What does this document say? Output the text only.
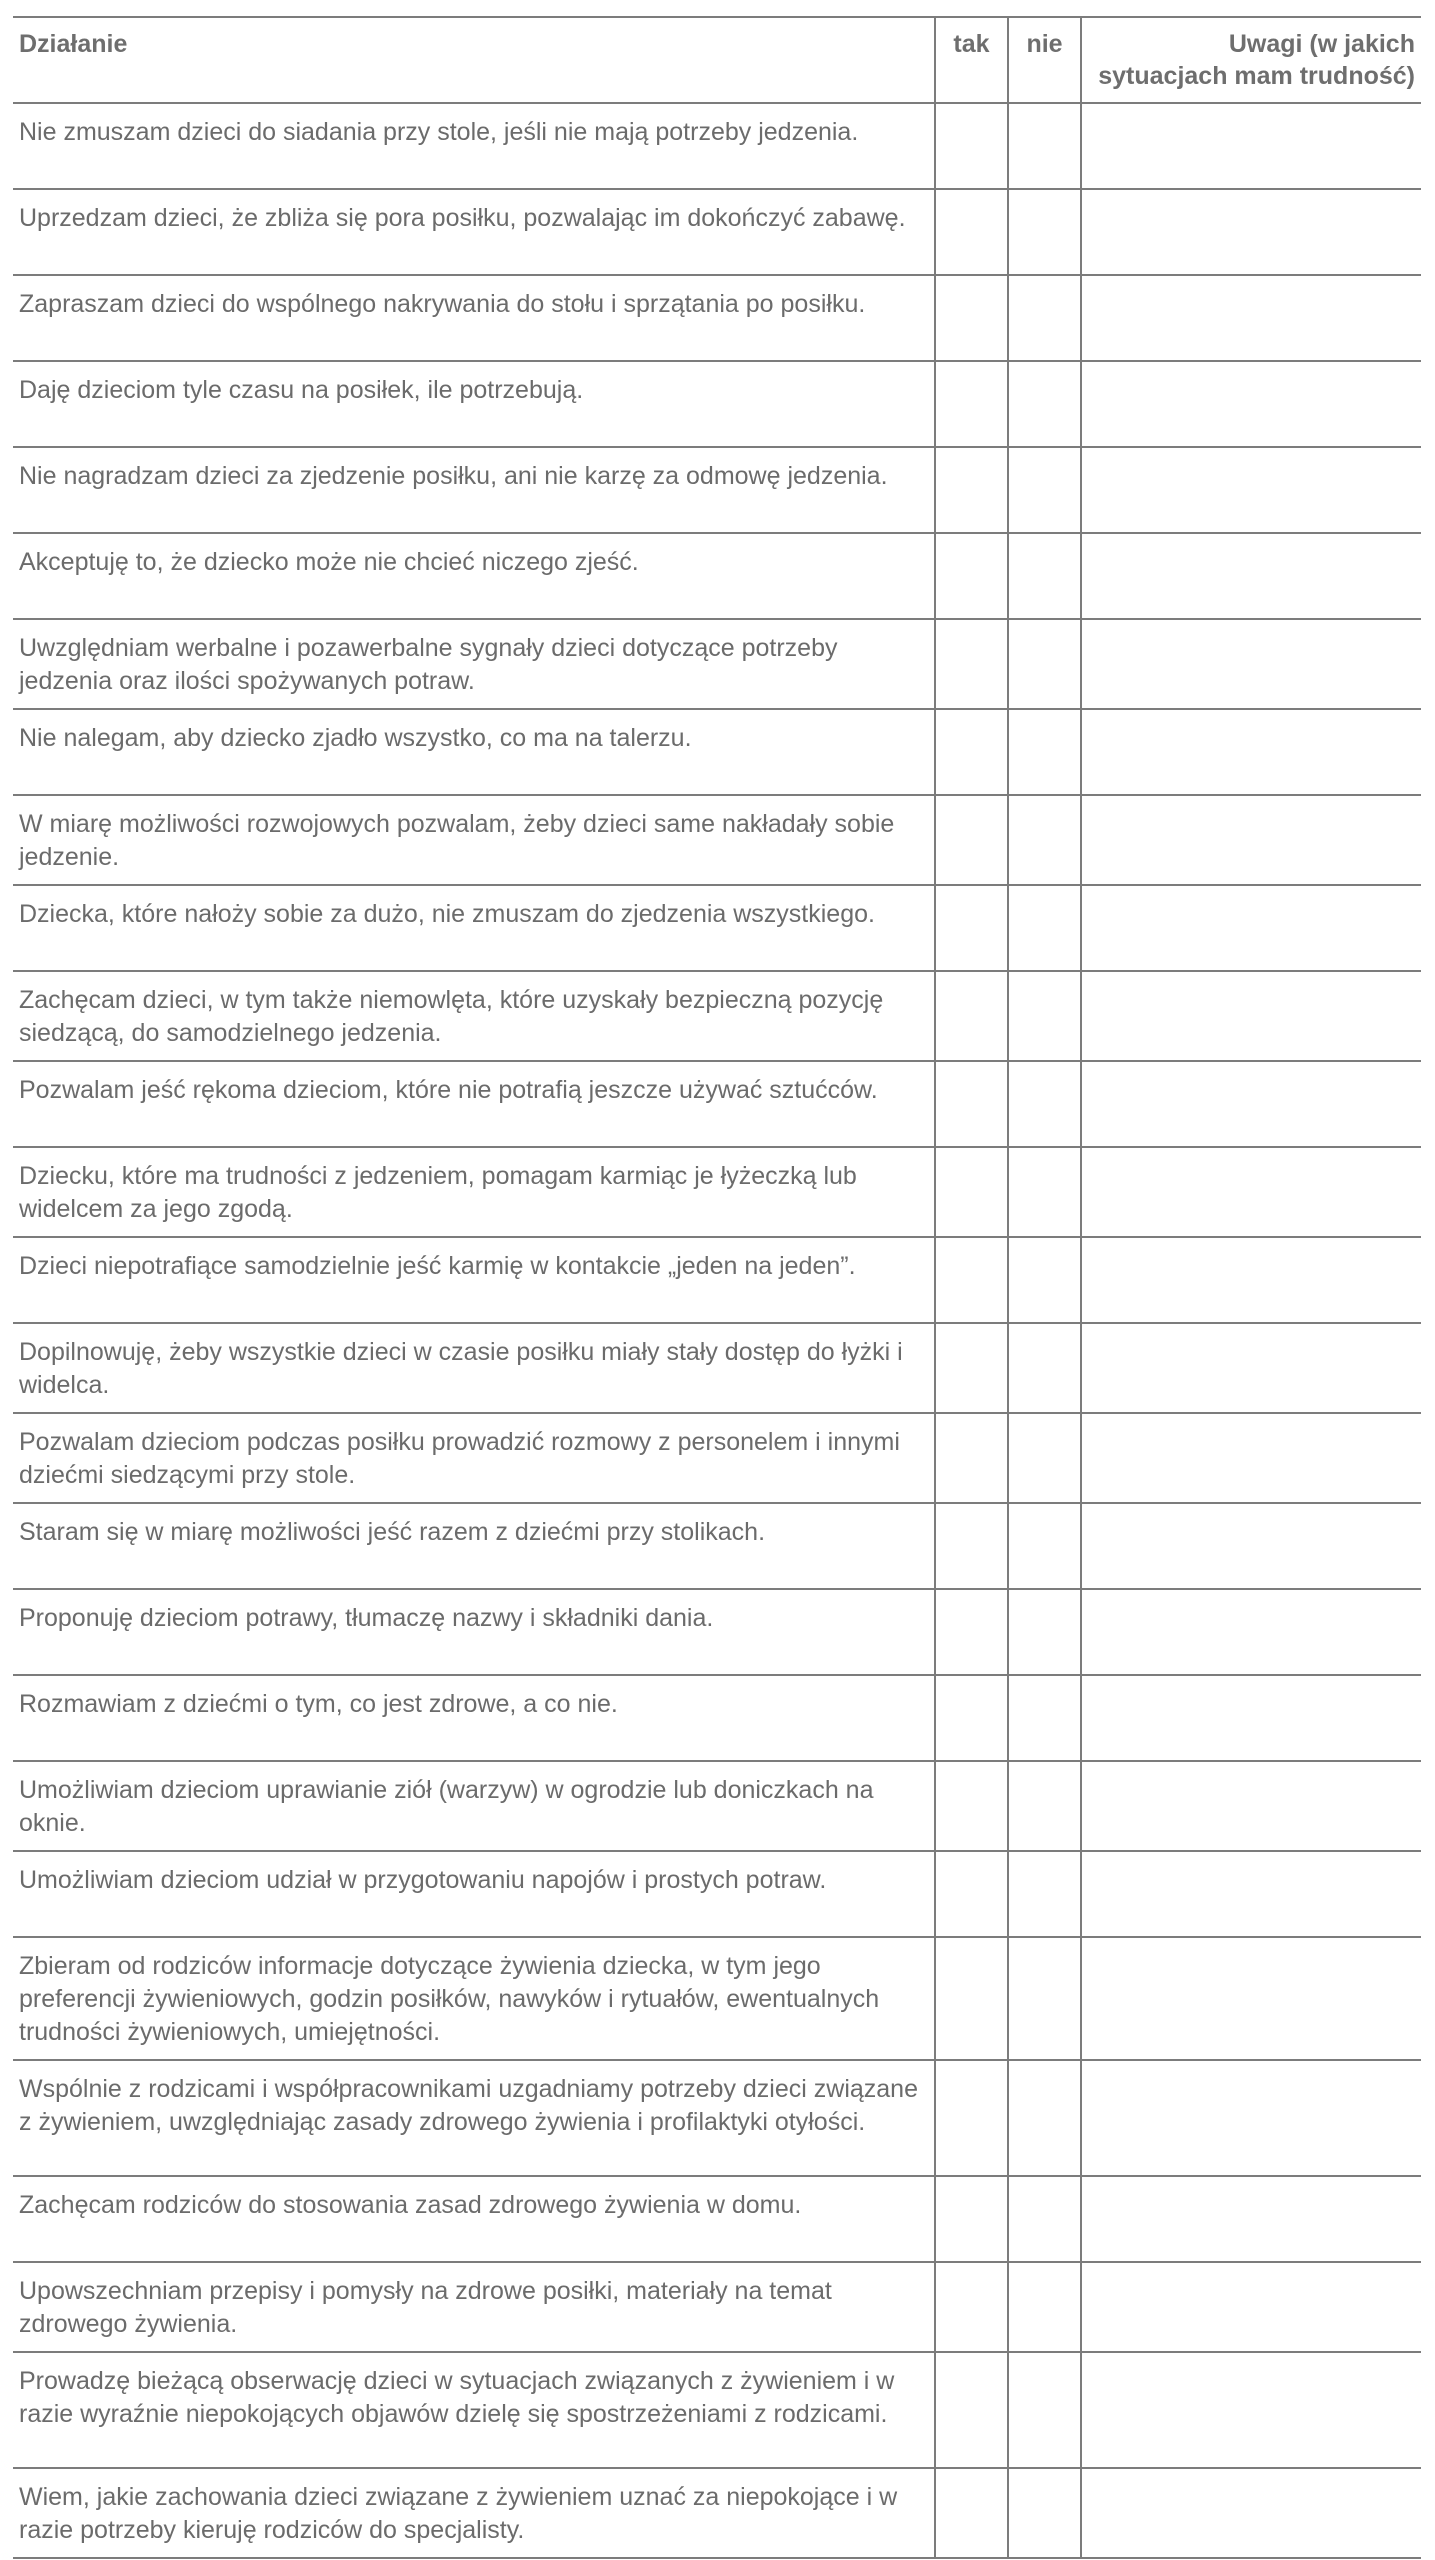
Działanie	tak	nie	Uwagi (w jakich
sytuacjach mam trudność)
Nie zmuszam dzieci do siadania przy stole, jeśli nie mają potrzeby jedzenia.			
Uprzedzam dzieci, że zbliża się pora posiłku, pozwalając im dokończyć zabawę.			
Zapraszam dzieci do wspólnego nakrywania do stołu i sprzątania po posiłku.			
Daję dzieciom tyle czasu na posiłek, ile potrzebują.			
Nie nagradzam dzieci za zjedzenie posiłku, ani nie karzę za odmowę jedzenia.			
Akceptuję to, że dziecko może nie chcieć niczego zjeść.			
Uwzględniam werbalne i pozawerbalne sygnały dzieci dotyczące potrzeby jedzenia oraz ilości spożywanych potraw.			
Nie nalegam, aby dziecko zjadło wszystko, co ma na talerzu.			
W miarę możliwości rozwojowych pozwalam, żeby dzieci same nakładały sobie jedzenie.			
Dziecka, które nałoży sobie za dużo, nie zmuszam do zjedzenia wszystkiego.			
Zachęcam dzieci, w tym także niemowlęta, które uzyskały bezpieczną pozycję siedzącą, do samodzielnego jedzenia.			
Pozwalam jeść rękoma dzieciom, które nie potrafią jeszcze używać sztućców.			
Dziecku, które ma trudności z jedzeniem, pomagam karmiąc je łyżeczką lub widelcem za jego zgodą.			
Dzieci niepotrafiące samodzielnie jeść karmię w kontakcie „jeden na jeden”.			
Dopilnowuję, żeby wszystkie dzieci w czasie posiłku miały stały dostęp do łyżki i widelca.			
Pozwalam dzieciom podczas posiłku prowadzić rozmowy z personelem i innymi dziećmi siedzącymi przy stole.			
Staram się w miarę możliwości jeść razem z dziećmi przy stolikach.			
Proponuję dzieciom potrawy, tłumaczę nazwy i składniki dania.			
Rozmawiam z dziećmi o tym, co jest zdrowe, a co nie.			
Umożliwiam dzieciom uprawianie ziół (warzyw) w ogrodzie lub doniczkach na oknie.			
Umożliwiam dzieciom udział w przygotowaniu napojów i prostych potraw.			
Zbieram od rodziców informacje dotyczące żywienia dziecka, w tym jego preferencji żywieniowych, godzin posiłków, nawyków i rytuałów, ewentualnych trudności żywieniowych, umiejętności.			
Wspólnie z rodzicami i współpracownikami uzgadniamy potrzeby dzieci związane z żywieniem, uwzględniając zasady zdrowego żywienia i profilaktyki otyłości.			
Zachęcam rodziców do stosowania zasad zdrowego żywienia w domu.			
Upowszechniam przepisy i pomysły na zdrowe posiłki, materiały na temat zdrowego żywienia.			
Prowadzę bieżącą obserwację dzieci w sytuacjach związanych z żywieniem i w razie wyraźnie niepokojących objawów dzielę się spostrzeżeniami z rodzicami.			
Wiem, jakie zachowania dzieci związane z żywieniem uznać za niepokojące i w razie potrzeby kieruję rodziców do specjalisty.			
